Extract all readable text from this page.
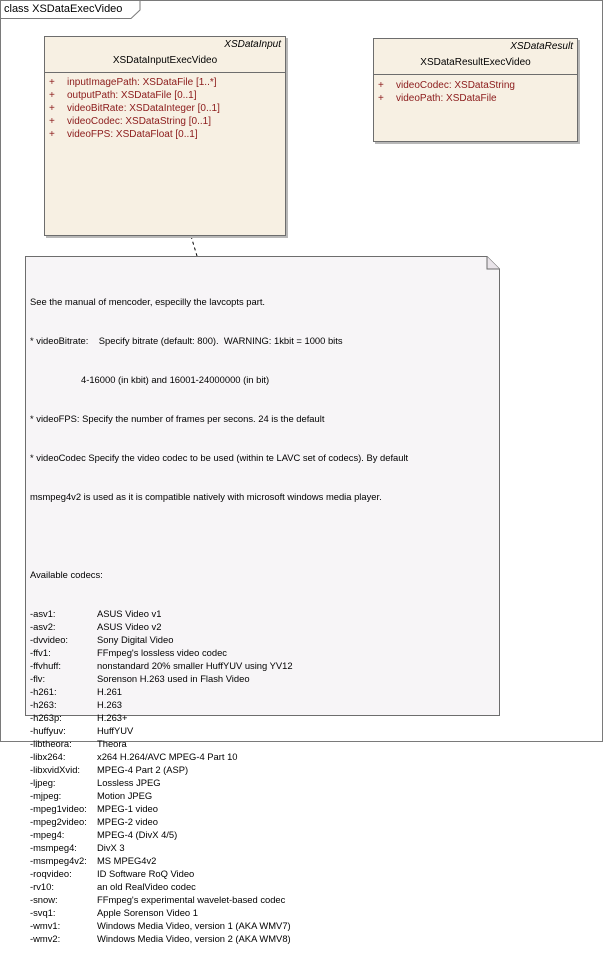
class XSDataExecVideo
XSDataInput
XSDataInputExecVideo
+ inputImagePath: XSDataFile [1..*]
+ outputPath: XSDataFile [0..1]
+ videoBitRate: XSDataInteger [0..1]
+ videoCodec: XSDataString [0..1]
+ videoFPS: XSDataFloat [0..1]
XSDataResult
XSDataResultExecVideo
+ videoCodec: XSDataString
+ videoPath: XSDataFile

See the manual of mencoder, especilly the lavcopts part.

* videoBitrate:    Specify bitrate (default: 800).  WARNING: 1kbit = 1000 bits

4-16000 (in kbit) and 16001-24000000 (in bit)

* videoFPS: Specify the number of frames per secons. 24 is the default

* videoCodec Specify the video codec to be used (within te LAVC set of codecs). By default

msmpeg4v2 is used as it is compatible natively with microsoft windows media player.

Available codecs:

-asv1:	ASUS Video v1
-asv2:	ASUS Video v2
-dvvideo:	Sony Digital Video
-ffv1:	FFmpeg's lossless video codec
-ffvhuff:	nonstandard 20% smaller HuffYUV using YV12
-flv:	Sorenson H.263 used in Flash Video
-h261:	H.261
-h263:	H.263
-h263p:	H.263+
-huffyuv:	HuffYUV
-libtheora:	Theora
-libx264:	x264 H.264/AVC MPEG-4 Part 10
-libxvidXvid: MPEG-4 Part 2 (ASP)
-ljpeg:	Lossless JPEG
-mjpeg:	Motion JPEG
-mpeg1video: MPEG-1 video
-mpeg2video: MPEG-2 video
-mpeg4:	MPEG-4 (DivX 4/5)
-msmpeg4: DivX 3
-msmpeg4v2: MS MPEG4v2
-roqvideo:	ID Software RoQ Video
-rv10:	an old RealVideo codec
-snow:	FFmpeg's experimental wavelet-based codec
-svq1:	Apple Sorenson Video 1
-wmv1:	Windows Media Video, version 1 (AKA WMV7)
-wmv2:	Windows Media Video, version 2 (AKA WMV8)
